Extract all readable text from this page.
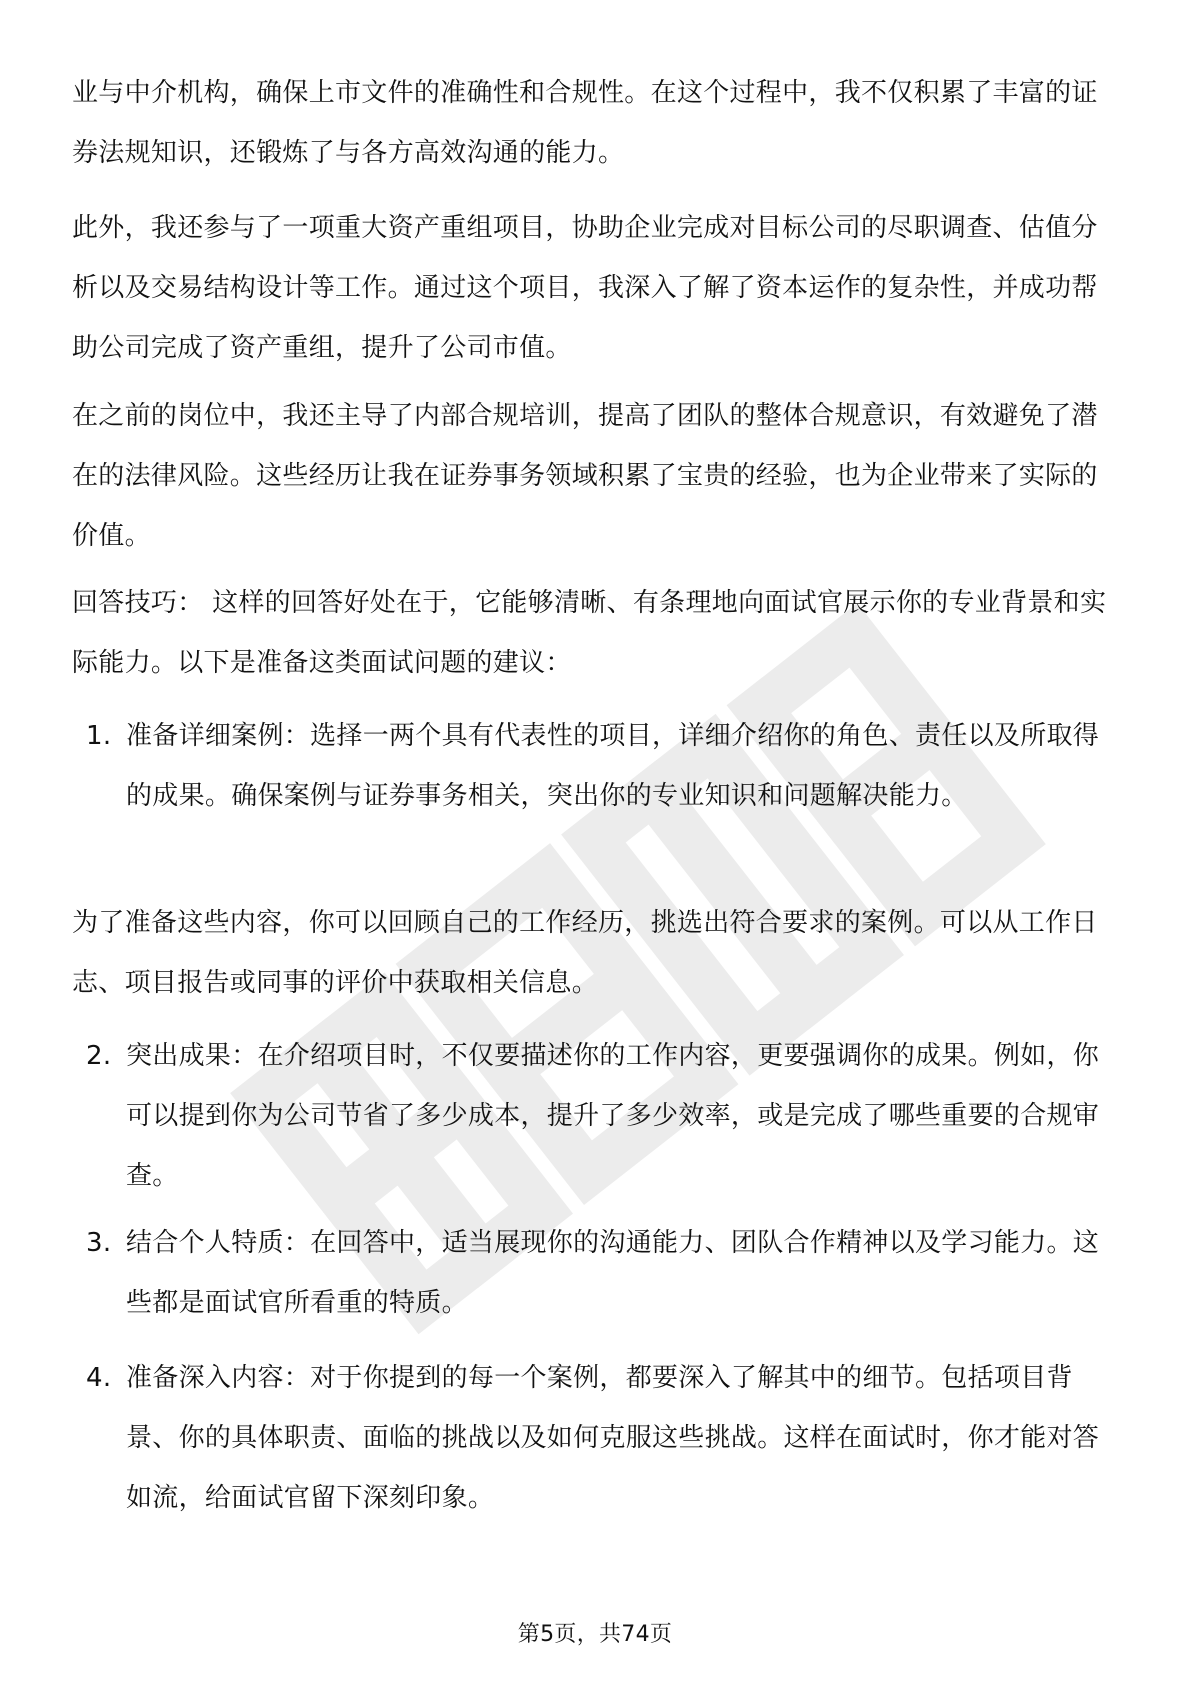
业与中介机构，确保上市文件的准确性和合规性。在这个过程中，我不仅积累了丰富的证券法规知识，还锻炼了与各方高效沟通的能力。

此外，我还参与了一项重大资产重组项目，协助企业完成对目标公司的尽职调查、估值分析以及交易结构设计等工作。通过这个项目，我深入了解了资本运作的复杂性，并成功帮助公司完成了资产重组，提升了公司市值。

在之前的岗位中，我还主导了内部合规培训，提高了团队的整体合规意识，有效避免了潜在的法律风险。这些经历让我在证券事务领域积累了宝贵的经验，也为企业带来了实际的价值。

回答技巧： 这样的回答好处在于，它能够清晰、有条理地向面试官展示你的专业背景和实际能力。以下是准备这类面试问题的建议：

1. 准备详细案例：选择一两个具有代表性的项目，详细介绍你的角色、责任以及所取得的成果。确保案例与证券事务相关，突出你的专业知识和问题解决能力。

为了准备这些内容，你可以回顾自己的工作经历，挑选出符合要求的案例。可以从工作日志、项目报告或同事的评价中获取相关信息。

2. 突出成果：在介绍项目时，不仅要描述你的工作内容，更要强调你的成果。例如，你可以提到你为公司节省了多少成本，提升了多少效率，或是完成了哪些重要的合规审查。
3. 结合个人特质：在回答中，适当展现你的沟通能力、团队合作精神以及学习能力。这些都是面试官所看重的特质。
4. 准备深入内容：对于你提到的每一个案例，都要深入了解其中的细节。包括项目背景、你的具体职责、面临的挑战以及如何克服这些挑战。这样在面试时，你才能对答如流，给面试官留下深刻印象。
第5页，共74页
